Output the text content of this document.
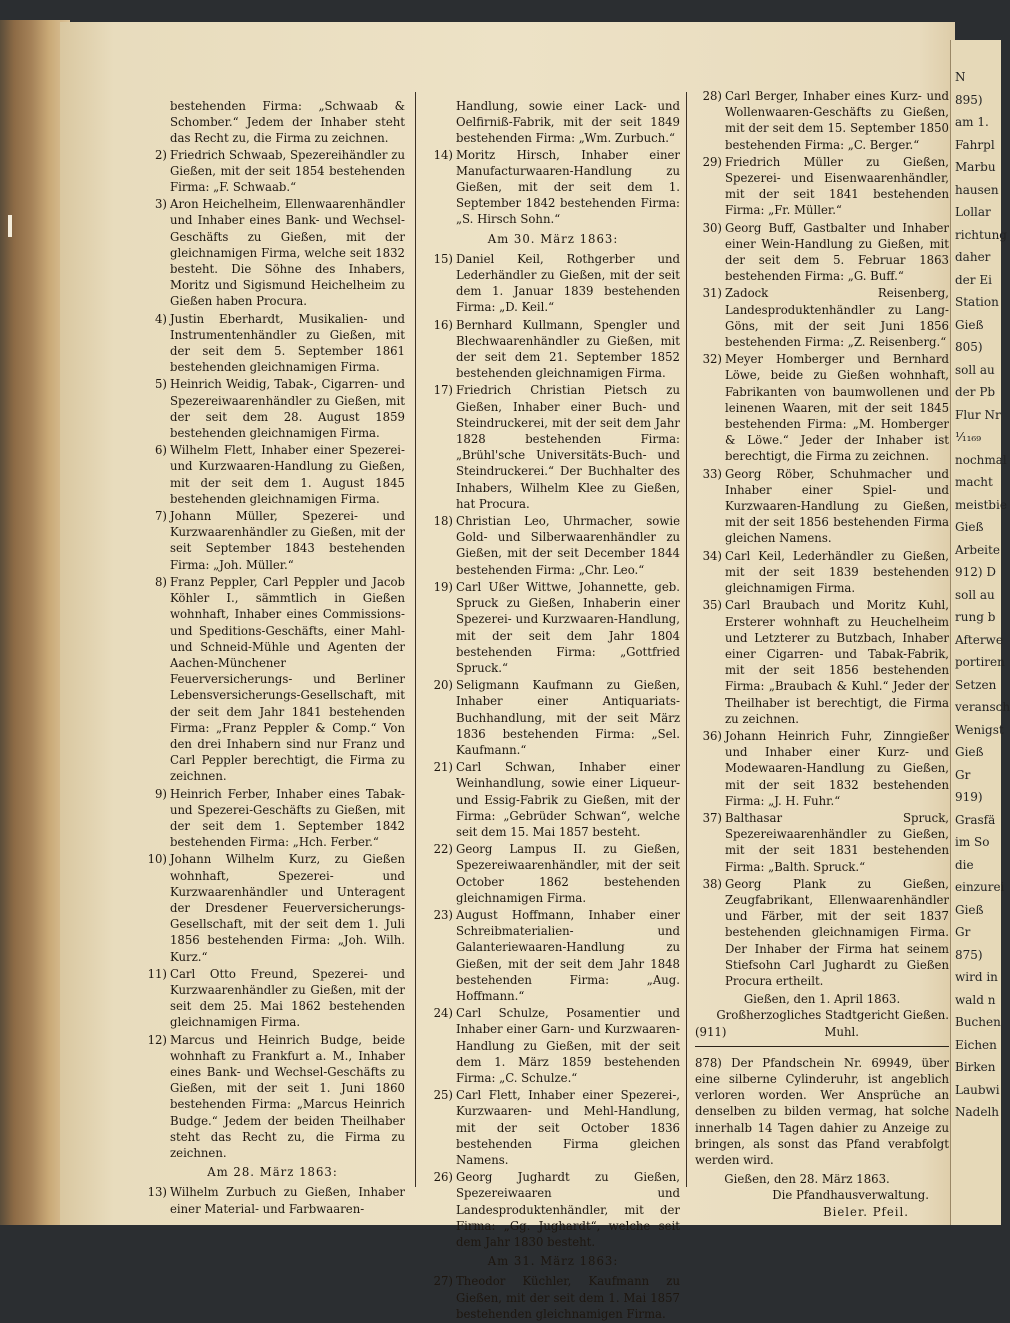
bestehenden Firma: „Schwaab & Schomber.“ Jedem der Inhaber steht das Recht zu, die Firma zu zeichnen.

2) Friedrich Schwaab, Spezereihändler zu Gießen, mit der seit 1854 bestehenden Firma: „F. Schwaab.“
3) Aron Heichelheim, Ellenwaarenhändler und Inhaber eines Bank- und Wechsel-Geschäfts zu Gießen, mit der gleichnamigen Firma, welche seit 1832 besteht. Die Söhne des Inhabers, Moritz und Sigismund Heichelheim zu Gießen haben Procura.
4) Justin Eberhardt, Musikalien- und Instrumentenhändler zu Gießen, mit der seit dem 5. September 1861 bestehenden gleichnamigen Firma.
5) Heinrich Weidig, Tabak-, Cigarren- und Spezereiwaarenhändler zu Gießen, mit der seit dem 28. August 1859 bestehenden gleichnamigen Firma.
6) Wilhelm Flett, Inhaber einer Spezerei- und Kurzwaaren-Handlung zu Gießen, mit der seit dem 1. August 1845 bestehenden gleichnamigen Firma.
7) Johann Müller, Spezerei- und Kurzwaarenhändler zu Gießen, mit der seit September 1843 bestehenden Firma: „Joh. Müller.“
8) Franz Peppler, Carl Peppler und Jacob Köhler I., sämmtlich in Gießen wohnhaft, Inhaber eines Commissions- und Speditions-Geschäfts, einer Mahl- und Schneid-Mühle und Agenten der Aachen-Münchener Feuerversicherungs- und Berliner Lebensversicherungs-Gesellschaft, mit der seit dem Jahr 1841 bestehenden Firma: „Franz Peppler & Comp.“ Von den drei Inhabern sind nur Franz und Carl Peppler berechtigt, die Firma zu zeichnen.
9) Heinrich Ferber, Inhaber eines Tabak- und Spezerei-Geschäfts zu Gießen, mit der seit dem 1. September 1842 bestehenden Firma: „Hch. Ferber.“
10) Johann Wilhelm Kurz, zu Gießen wohnhaft, Spezerei- und Kurzwaarenhändler und Unteragent der Dresdener Feuerversicherungs-Gesellschaft, mit der seit dem 1. Juli 1856 bestehenden Firma: „Joh. Wilh. Kurz.“
11) Carl Otto Freund, Spezerei- und Kurzwaarenhändler zu Gießen, mit der seit dem 25. Mai 1862 bestehenden gleichnamigen Firma.
12) Marcus und Heinrich Budge, beide wohnhaft zu Frankfurt a. M., Inhaber eines Bank- und Wechsel-Geschäfts zu Gießen, mit der seit 1. Juni 1860 bestehenden Firma: „Marcus Heinrich Budge.“ Jedem der beiden Theilhaber steht das Recht zu, die Firma zu zeichnen.

Am 28. März 1863:

13) Wilhelm Zurbuch zu Gießen, Inhaber einer Material- und Farbwaaren-

Handlung, sowie einer Lack- und Oelfirniß-Fabrik, mit der seit 1849 bestehenden Firma: „Wm. Zurbuch.“

14) Moritz Hirsch, Inhaber einer Manufacturwaaren-Handlung zu Gießen, mit der seit dem 1. September 1842 bestehenden Firma: „S. Hirsch Sohn.“

Am 30. März 1863:

15) Daniel Keil, Rothgerber und Lederhändler zu Gießen, mit der seit dem 1. Januar 1839 bestehenden Firma: „D. Keil.“
16) Bernhard Kullmann, Spengler und Blechwaarenhändler zu Gießen, mit der seit dem 21. September 1852 bestehenden gleichnamigen Firma.
17) Friedrich Christian Pietsch zu Gießen, Inhaber einer Buch- und Steindruckerei, mit der seit dem Jahr 1828 bestehenden Firma: „Brühl'sche Universitäts-Buch- und Steindruckerei.“ Der Buchhalter des Inhabers, Wilhelm Klee zu Gießen, hat Procura.
18) Christian Leo, Uhrmacher, sowie Gold- und Silberwaarenhändler zu Gießen, mit der seit December 1844 bestehenden Firma: „Chr. Leo.“
19) Carl Ußer Wittwe, Johannette, geb. Spruck zu Gießen, Inhaberin einer Spezerei- und Kurzwaaren-Handlung, mit der seit dem Jahr 1804 bestehenden Firma: „Gottfried Spruck.“
20) Seligmann Kaufmann zu Gießen, Inhaber einer Antiquariats-Buchhandlung, mit der seit März 1836 bestehenden Firma: „Sel. Kaufmann.“
21) Carl Schwan, Inhaber einer Weinhandlung, sowie einer Liqueur- und Essig-Fabrik zu Gießen, mit der Firma: „Gebrüder Schwan“, welche seit dem 15. Mai 1857 besteht.
22) Georg Lampus II. zu Gießen, Spezereiwaarenhändler, mit der seit October 1862 bestehenden gleichnamigen Firma.
23) August Hoffmann, Inhaber einer Schreibmaterialien- und Galanteriewaaren-Handlung zu Gießen, mit der seit dem Jahr 1848 bestehenden Firma: „Aug. Hoffmann.“
24) Carl Schulze, Posamentier und Inhaber einer Garn- und Kurzwaaren-Handlung zu Gießen, mit der seit dem 1. März 1859 bestehenden Firma: „C. Schulze.“
25) Carl Flett, Inhaber einer Spezerei-, Kurzwaaren- und Mehl-Handlung, mit der seit October 1836 bestehenden Firma gleichen Namens.
26) Georg Jughardt zu Gießen, Spezereiwaaren und Landesproduktenhändler, mit der Firma: „Gg. Jughardt“, welche seit dem Jahr 1830 besteht.

Am 31. März 1863:

27) Theodor Küchler, Kaufmann zu Gießen, mit der seit dem 1. Mai 1857 bestehenden gleichnamigen Firma.
28) Carl Berger, Inhaber eines Kurz- und Wollenwaaren-Geschäfts zu Gießen, mit der seit dem 15. September 1850 bestehenden Firma: „C. Berger.“
29) Friedrich Müller zu Gießen, Spezerei- und Eisenwaarenhändler, mit der seit 1841 bestehenden Firma: „Fr. Müller.“
30) Georg Buff, Gastbalter und Inhaber einer Wein-Handlung zu Gießen, mit der seit dem 5. Februar 1863 bestehenden Firma: „G. Buff.“
31) Zadock Reisenberg, Landesproduktenhändler zu Lang-Göns, mit der seit Juni 1856 bestehenden Firma: „Z. Reisenberg.“
32) Meyer Homberger und Bernhard Löwe, beide zu Gießen wohnhaft, Fabrikanten von baumwollenen und leinenen Waaren, mit der seit 1845 bestehenden Firma: „M. Homberger & Löwe.“ Jeder der Inhaber ist berechtigt, die Firma zu zeichnen.
33) Georg Röber, Schuhmacher und Inhaber einer Spiel- und Kurzwaaren-Handlung zu Gießen, mit der seit 1856 bestehenden Firma gleichen Namens.
34) Carl Keil, Lederhändler zu Gießen, mit der seit 1839 bestehenden gleichnamigen Firma.
35) Carl Braubach und Moritz Kuhl, Ersterer wohnhaft zu Heuchelheim und Letzterer zu Butzbach, Inhaber einer Cigarren- und Tabak-Fabrik, mit der seit 1856 bestehenden Firma: „Braubach & Kuhl.“ Jeder der Theilhaber ist berechtigt, die Firma zu zeichnen.
36) Johann Heinrich Fuhr, Zinngießer und Inhaber einer Kurz- und Modewaaren-Handlung zu Gießen, mit der seit 1832 bestehenden Firma: „J. H. Fuhr.“
37) Balthasar Spruck, Spezereiwaarenhändler zu Gießen, mit der seit 1831 bestehenden Firma: „Balth. Spruck.“
38) Georg Plank zu Gießen, Zeugfabrikant, Ellenwaarenhändler und Färber, mit der seit 1837 bestehenden gleichnamigen Firma. Der Inhaber der Firma hat seinem Stiefsohn Carl Jughardt zu Gießen Procura ertheilt.

Gießen, den 1. April 1863.

Großherzogliches Stadtgericht Gießen.

(911)	Muhl.

878) Der Pfandschein Nr. 69949, über eine silberne Cylinderuhr, ist angeblich verloren worden. Wer Ansprüche an denselben zu bilden vermag, hat solche innerhalb 14 Tagen dahier zu Anzeige zu bringen, als sonst das Pfand verabfolgt werden wird.

Gießen, den 28. März 1863.

Die Pfandhausverwaltung.

Bieler. Pfeil.

N
895)
am 1.
Fahrpl
Marbu
hausen
Lollar
richtung
daher
der Ei
Station
Gieß
805)
soll au
der Pb
Flur Nr
⅟₁₁₆₉
nochmal
macht
meistbie
Gieß
Arbeite
912) D
soll au
rung b
Afterwe
portiren
Setzen
veransch
Wenigst
Gieß
Gr
919)
Grasfä
im So
die
einzurei
Gieß
Gr
875)
wird in
wald n
Buchen
Eichen
Birken
Laubwi
Nadelh
